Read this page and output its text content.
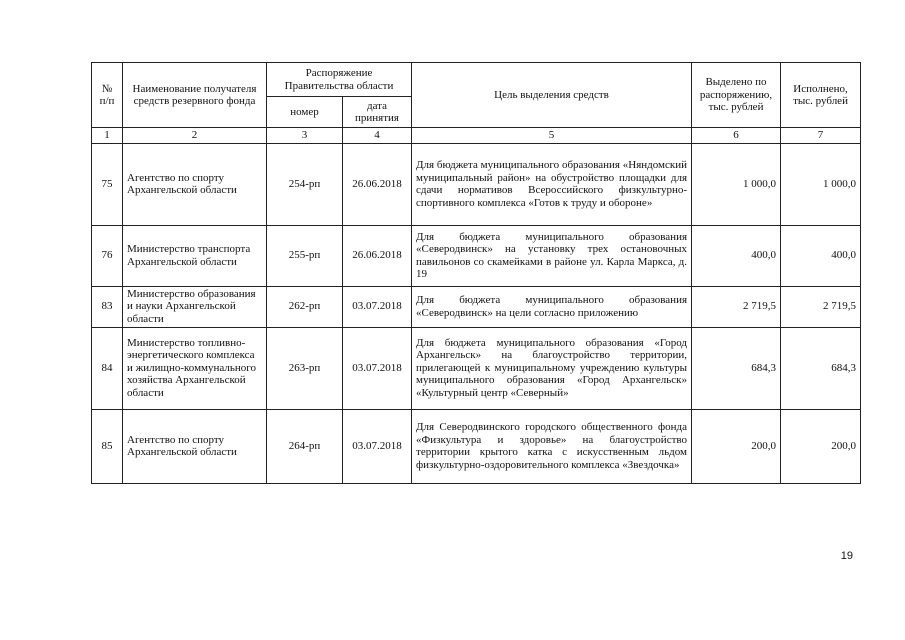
№ п/п	Наименование получателя средств резервного фонда	Распоряжение Правительства области		Цель выделения средств	Выделено по распоряжению, тыс. рублей	Исполнено, тыс. рублей
		номер	дата принятия			
1	2	3	4	5	6	7
75	Агентство по спорту Архангельской области	254-рп	26.06.2018	Для бюджета муниципального образования «Няндомский муниципальный район» на обустройство площадки для сдачи нормативов Всероссийского физкультурно-спортивного комплекса «Готов к труду и обороне»	1 000,0	1 000,0
76	Министерство транспорта Архангельской области	255-рп	26.06.2018	Для бюджета муниципального образования «Северодвинск» на установку трех остановочных павильонов со скамейками в районе ул. Карла Маркса, д. 19	400,0	400,0
83	Министерство образования и науки Архангельской области	262-рп	03.07.2018	Для бюджета муниципального образования «Северодвинск» на цели согласно приложению	2 719,5	2 719,5
84	Министерство топливно-энергетического комплекса и жилищно-коммунального хозяйства Архангельской области	263-рп	03.07.2018	Для бюджета муниципального образования «Город Архангельск» на благоустройство территории, прилегающей к муниципальному учреждению культуры муниципального образования «Город Архангельск» «Культурный центр «Северный»	684,3	684,3
85	Агентство по спорту Архангельской области	264-рп	03.07.2018	Для Северодвинского городского общественного фонда «Физкультура и здоровье» на благоустройство территории крытого катка с искусственным льдом физкультурно-оздоровительного комплекса «Звездочка»	200,0	200,0
19
